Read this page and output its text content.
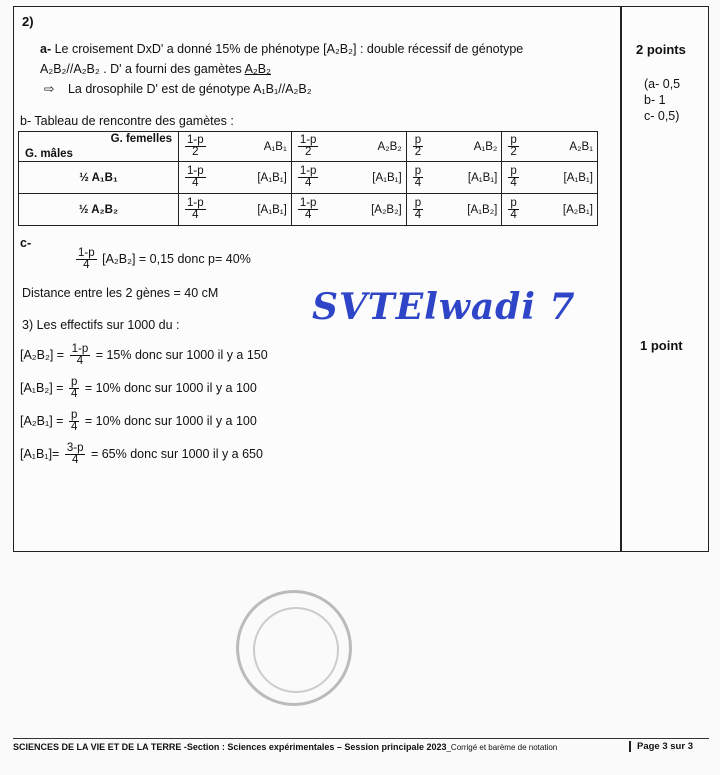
2)
a- Le croisement DxD' a donné 15% de phénotype [A₂B₂] : double récessif de génotype
A₂B₂//A₂B₂ . D' a fourni des gamètes A₂B₂
⇨ La drosophile D' est de génotype A₁B₁//A₂B₂
b- Tableau de rencontre des gamètes :
G. femelles
G. mâles	$\frac{1-p}{2} A_1B_1$	$\frac{1-p}{2} A_2B_2$	$\frac{p}{2} A_1B_2$	$\frac{p}{2} A_2B_1$

½ A₁B₁	$\frac{1-p}{4} [A_1B_1]$	$\frac{1-p}{4} [A_1B_1]$	$\frac{p}{4} [A_1B_1]$	$\frac{p}{4} [A_1B_1]$

½ A₂B₂	$\frac{1-p}{4} [A_1B_1]$	$\frac{1-p}{4} [A_2B_2]$	$\frac{p}{4} [A_1B_2]$	$\frac{p}{4} [A_2B_1]$
c-
$\frac{1-p}{4} [A_2B_2] = 0,15$ donc p= 40%
Distance entre les 2 gènes = 40 cM	SVTElwadi 7
3) Les effectifs sur 1000 du :
$[A_2B_2] = \frac{1-p}{4} = 15\%$ donc sur 1000 il y a 150
$[A_1B_2] = \frac{p}{4} = 10\%$ donc sur 1000 il y a 100
$[A_2B_1] = \frac{p}{4} = 10\%$ donc sur 1000 il y a 100
$[A_1B_1]= \frac{3-p}{4} = 65\%$ donc sur 1000 il y a 650
2 points
(a- 0,5
b- 1
c- 0,5)
1 point
SCIENCES DE LA VIE ET DE LA TERRE -Section : Sciences expérimentales – Session principale 2023_Corrigé et barème de notation	Page 3 sur 3
